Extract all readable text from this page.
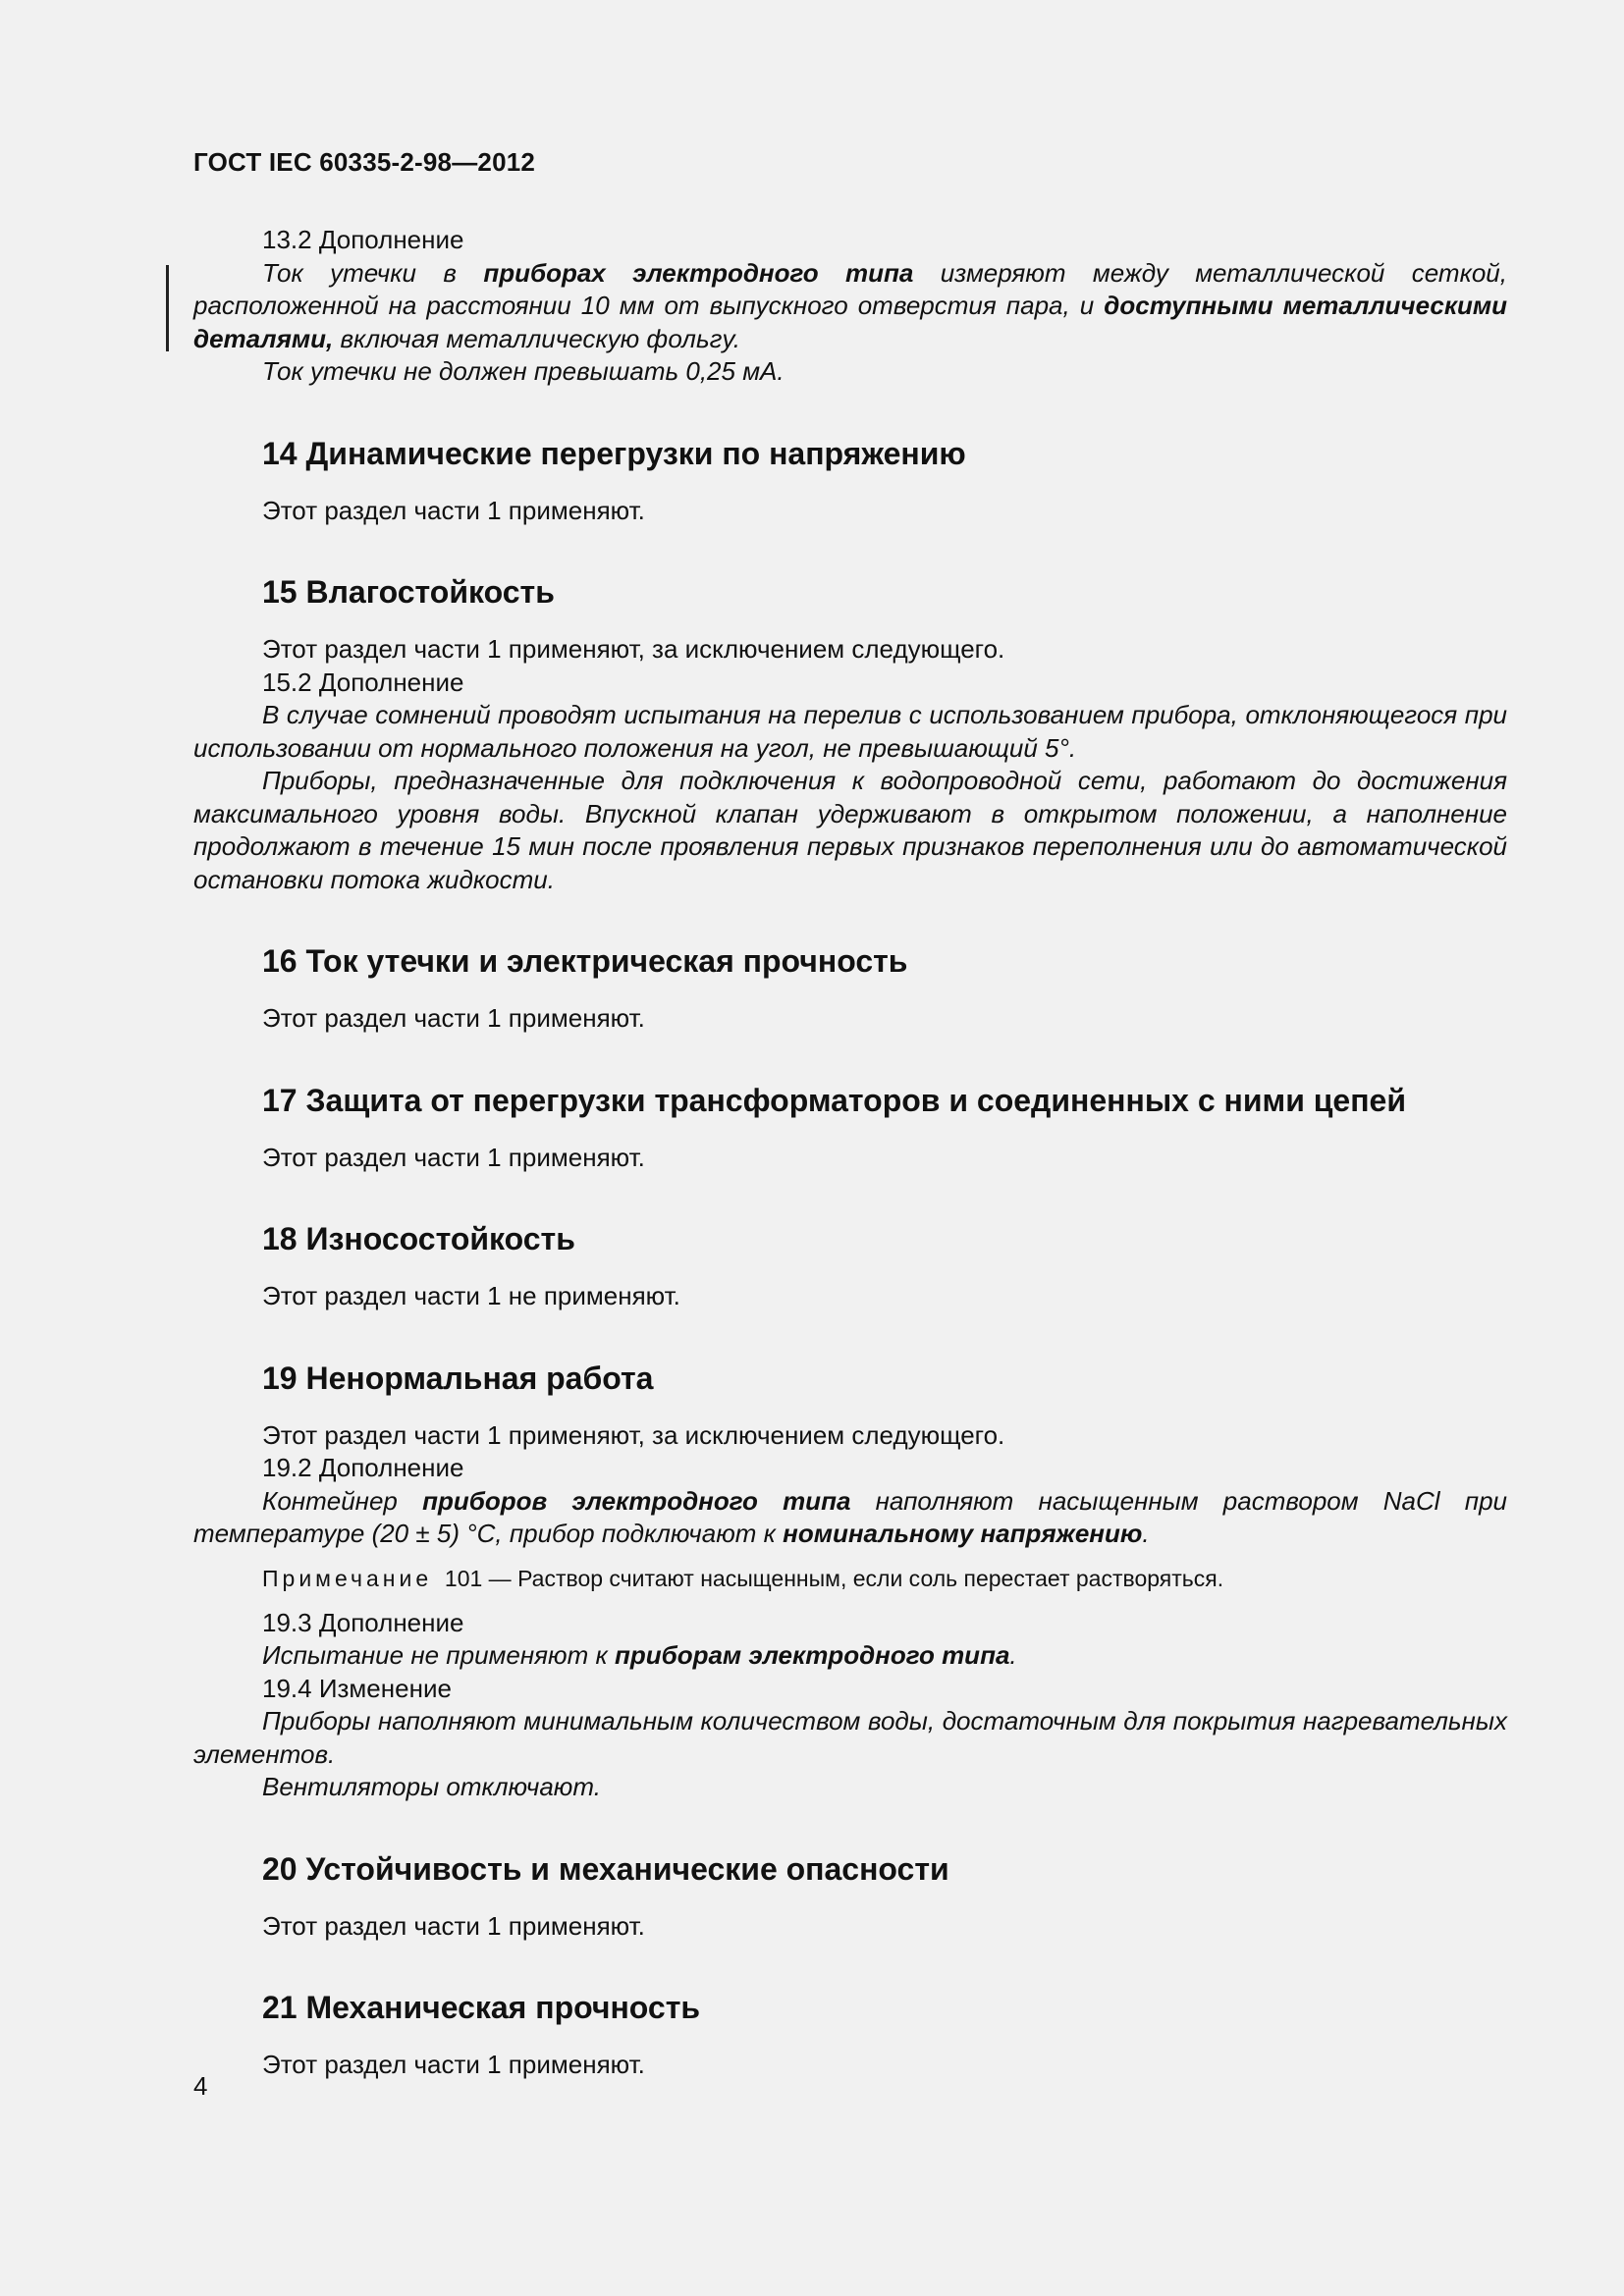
ГОСТ IEC 60335-2-98—2012

13.2 Дополнение

Ток утечки в приборах электродного типа измеряют между металлической сеткой, расположенной на расстоянии 10 мм от выпускного отверстия пара, и доступными металлическими деталями, включая металлическую фольгу.

Ток утечки не должен превышать 0,25 мА.

14 Динамические перегрузки по напряжению

Этот раздел части 1 применяют.

15 Влагостойкость

Этот раздел части 1 применяют, за исключением следующего.

15.2 Дополнение

В случае сомнений проводят испытания на перелив с использованием прибора, отклоняющегося при использовании от нормального положения на угол, не превышающий 5°.

Приборы, предназначенные для подключения к водопроводной сети, работают до достижения максимального уровня воды. Впускной клапан удерживают в открытом положении, а наполнение продолжают в течение 15 мин после проявления первых признаков переполнения или до автоматической остановки потока жидкости.

16 Ток утечки и электрическая прочность

Этот раздел части 1 применяют.

17 Защита от перегрузки трансформаторов и соединенных с ними цепей

Этот раздел части 1 применяют.

18 Износостойкость

Этот раздел части 1 не применяют.

19 Ненормальная работа

Этот раздел части 1 применяют, за исключением следующего.

19.2 Дополнение

Контейнер приборов электродного типа наполняют насыщенным раствором NaCl при температуре (20 ± 5) °С, прибор подключают к номинальному напряжению.

Примечание 101 — Раствор считают насыщенным, если соль перестает растворяться.

19.3 Дополнение

Испытание не применяют к приборам электродного типа.

19.4 Изменение

Приборы наполняют минимальным количеством воды, достаточным для покрытия нагревательных элементов.

Вентиляторы отключают.

20 Устойчивость и механические опасности

Этот раздел части 1 применяют.

21 Механическая прочность

Этот раздел части 1 применяют.

4
